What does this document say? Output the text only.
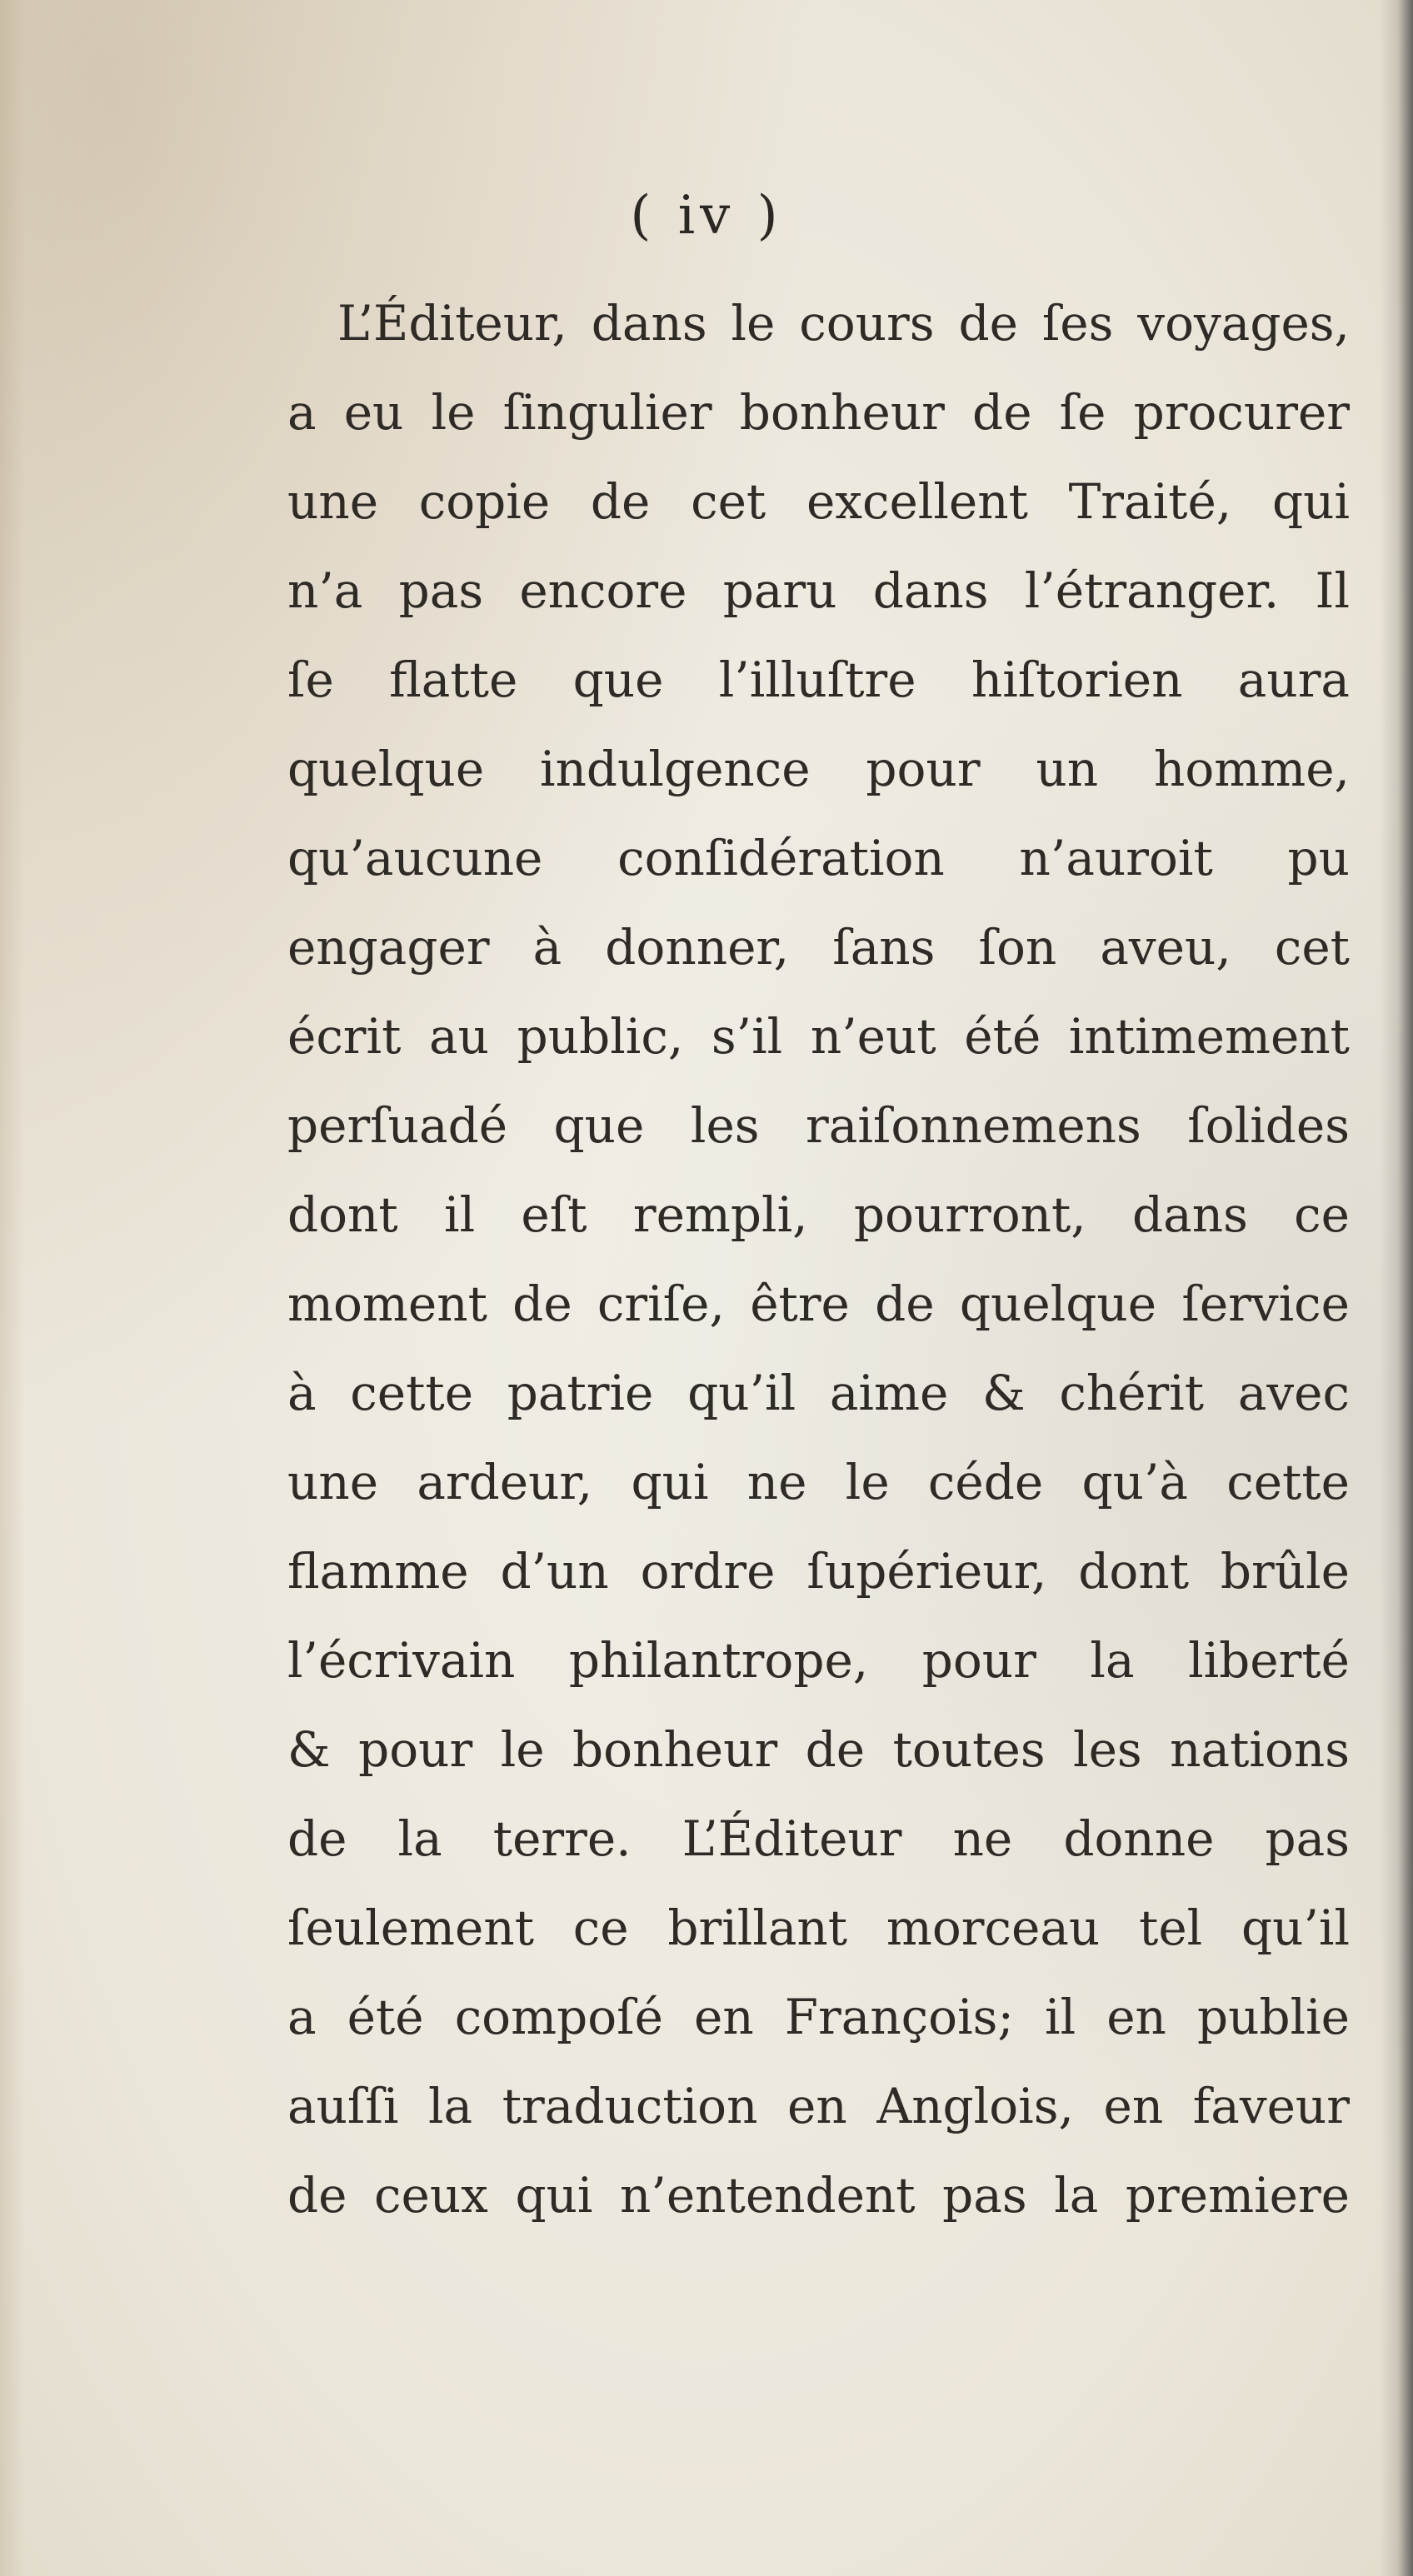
( iv )
L’Éditeur, dans le cours de ſes voyages,
a eu le ſingulier bonheur de ſe procurer
une copie de cet excellent Traité, qui
n’a pas encore paru dans l’étranger. Il
ſe flatte que l’illuſtre hiſtorien aura
quelque indulgence pour un homme,
qu’aucune conſidération n’auroit pu
engager à donner, ſans ſon aveu, cet
écrit au public, s’il n’eut été intimement
perſuadé que les raiſonnemens ſolides
dont il eſt rempli, pourront, dans ce
moment de criſe, être de quelque ſervice
à cette patrie qu’il aime & chérit avec
une ardeur, qui ne le céde qu’à cette
flamme d’un ordre ſupérieur, dont brûle
l’écrivain philantrope, pour la liberté
& pour le bonheur de toutes les nations
de la terre. L’Éditeur ne donne pas
ſeulement ce brillant morceau tel qu’il
a été compoſé en François; il en publie
auſſi la traduction en Anglois, en faveur
de ceux qui n’entendent pas la premiere
